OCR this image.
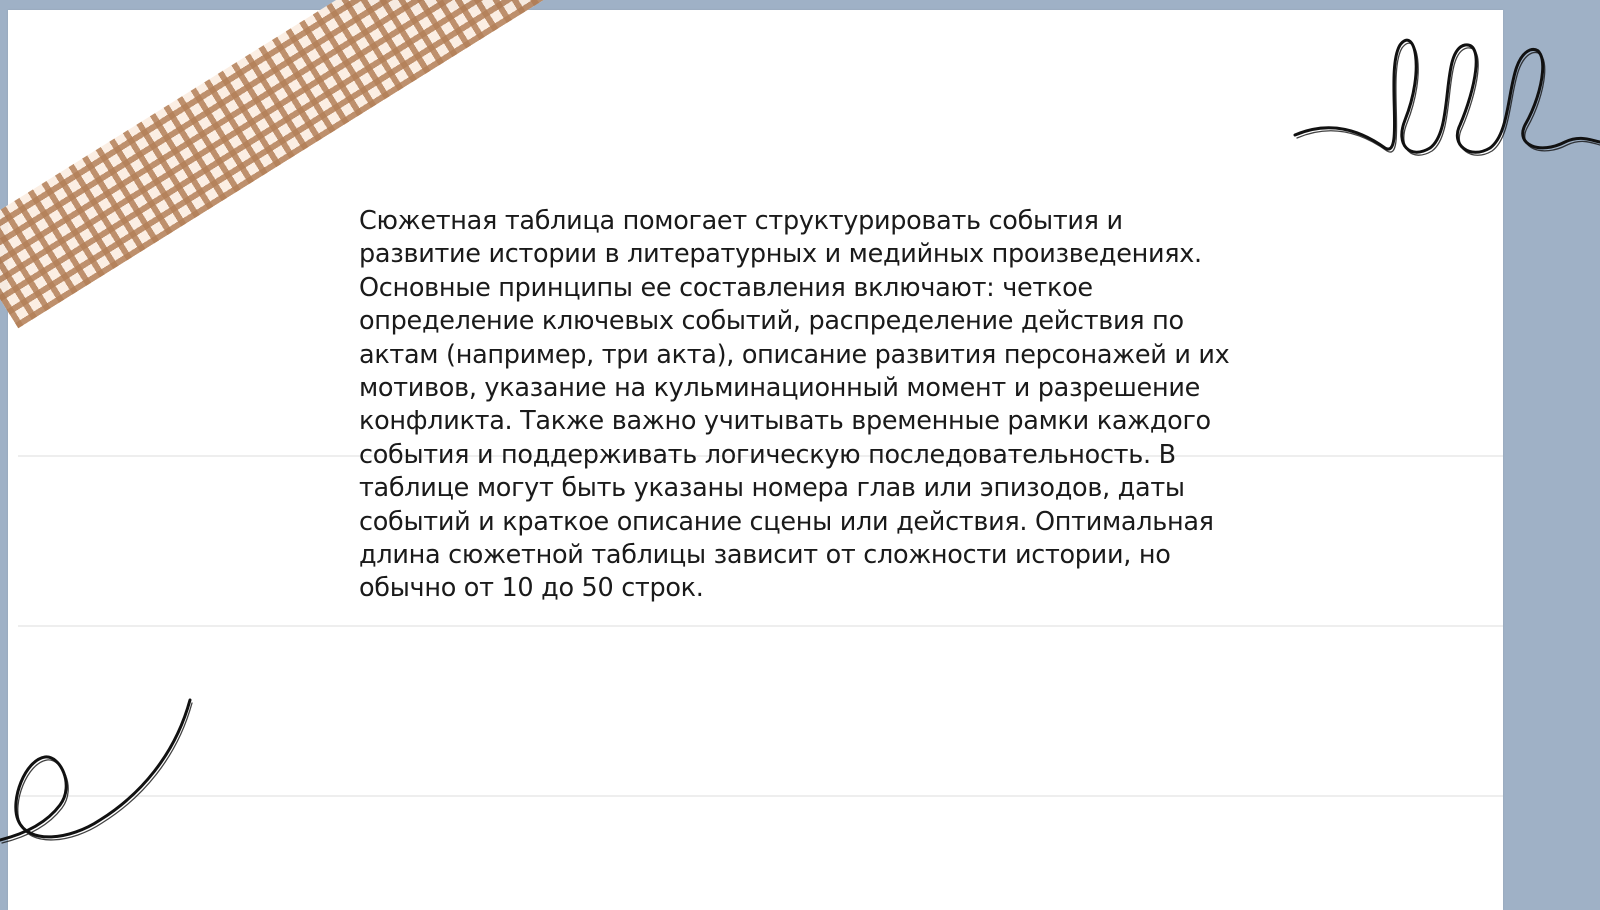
Сюжетная таблица помогает структурировать события и развитие истории в литературных и медийных произведениях. Основные принципы ее составления включают: четкое определение ключевых событий, распределение действия по актам (например, три акта), описание развития персонажей и их мотивов, указание на кульминационный момент и разрешение конфликта. Также важно учитывать временные рамки каждого события и поддерживать логическую последовательность. В таблице могут быть указаны номера глав или эпизодов, даты событий и краткое описание сцены или действия. Оптимальная длина сюжетной таблицы зависит от сложности истории, но обычно от 10 до 50 строк.
